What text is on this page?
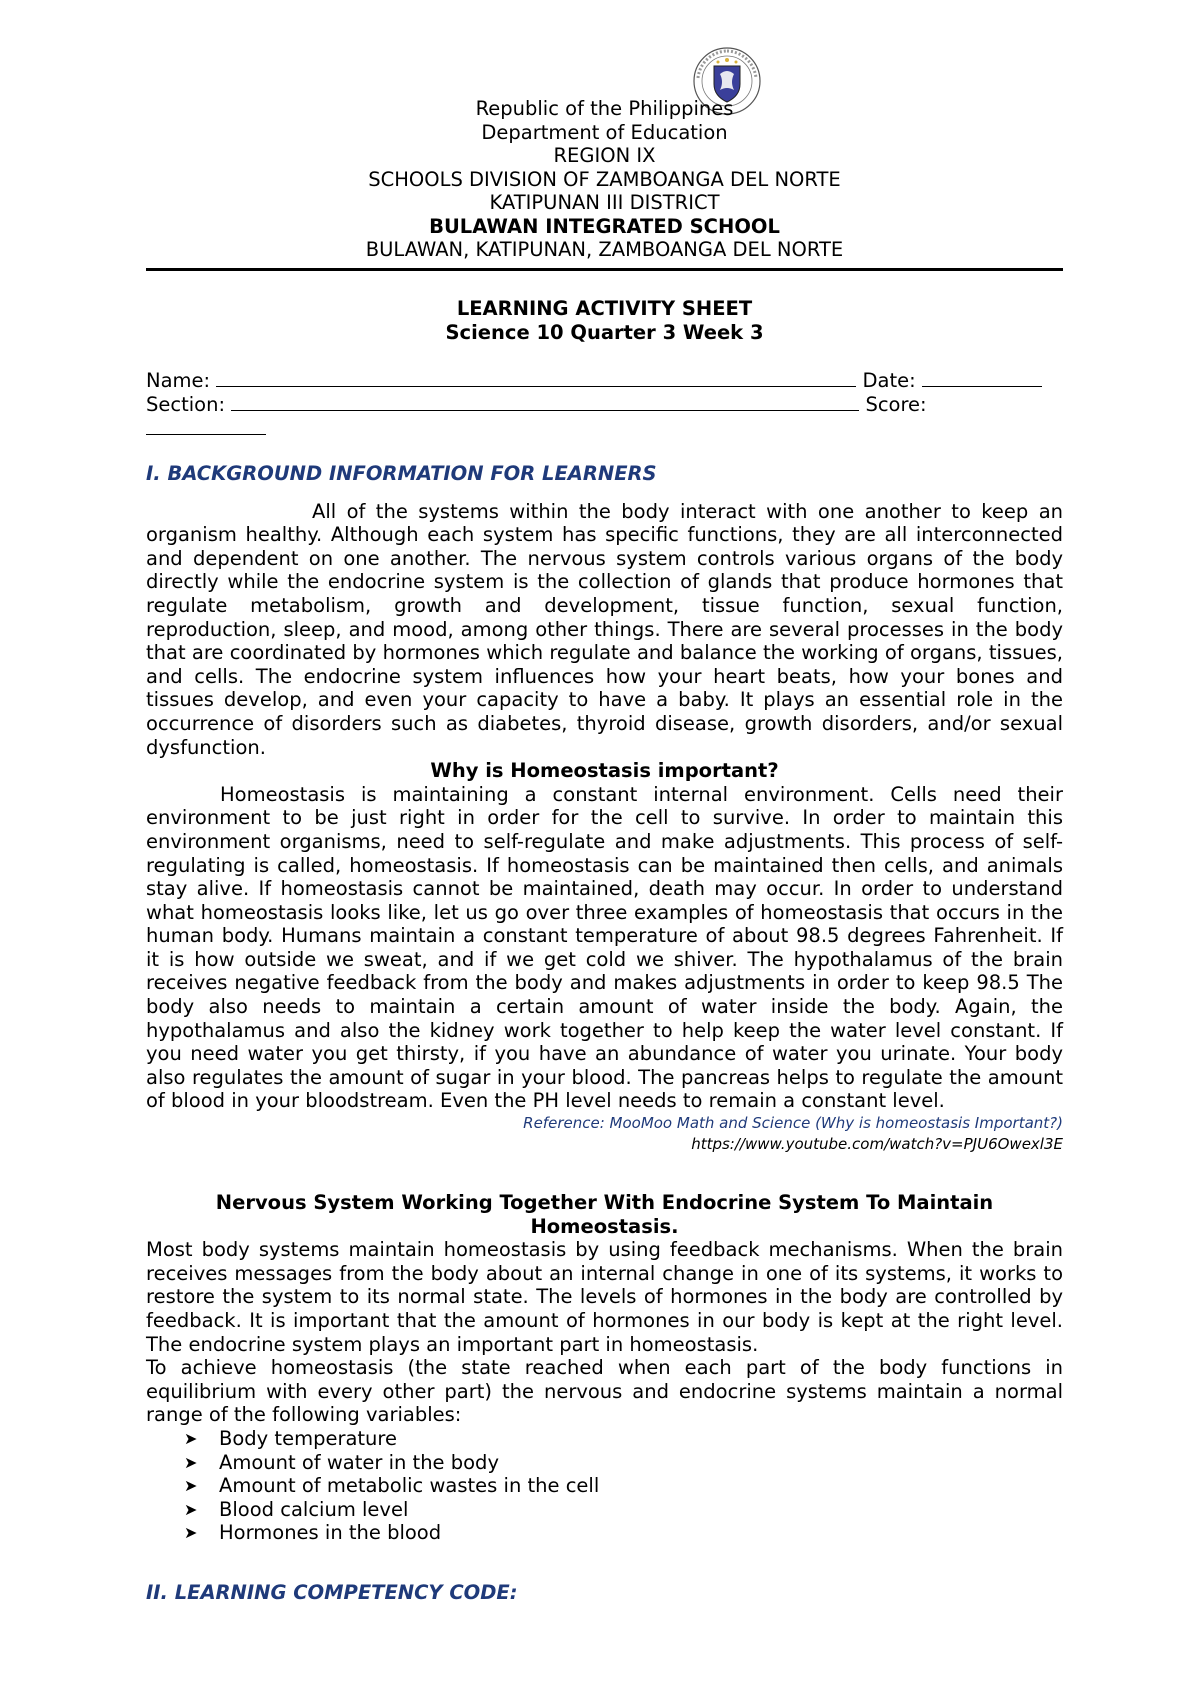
Republic of the Philippines
Department of Education
REGION IX
SCHOOLS DIVISION OF ZAMBOANGA DEL NORTE
KATIPUNAN III DISTRICT
BULAWAN INTEGRATED SCHOOL
BULAWAN, KATIPUNAN, ZAMBOANGA DEL NORTE
LEARNING ACTIVITY SHEET
Science 10 Quarter 3 Week 3
Name:	Date:
Section:	Score:

I. BACKGROUND INFORMATION FOR LEARNERS

All of the systems within the body interact with one another to keep an organism healthy. Although each system has specific functions, they are all interconnected and dependent on one another. The nervous system controls various organs of the body directly while the endocrine system is the collection of glands that produce hormones that regulate metabolism, growth and development, tissue function, sexual function, reproduction, sleep, and mood, among other things. There are several processes in the body that are coordinated by hormones which regulate and balance the working of organs, tissues, and cells. The endocrine system influences how your heart beats, how your bones and tissues develop, and even your capacity to have a baby. It plays an essential role in the occurrence of disorders such as diabetes, thyroid disease, growth disorders, and/or sexual dysfunction.

Why is Homeostasis important?

Homeostasis is maintaining a constant internal environment. Cells need their environment to be just right in order for the cell to survive. In order to maintain this environment organisms, need to self-regulate and make adjustments. This process of self-regulating is called, homeostasis. If homeostasis can be maintained then cells, and animals stay alive. If homeostasis cannot be maintained, death may occur. In order to understand what homeostasis looks like, let us go over three examples of homeostasis that occurs in the human body. Humans maintain a constant temperature of about 98.5 degrees Fahrenheit. If it is how outside we sweat, and if we get cold we shiver. The hypothalamus of the brain receives negative feedback from the body and makes adjustments in order to keep 98.5 The body also needs to maintain a certain amount of water inside the body. Again, the hypothalamus and also the kidney work together to help keep the water level constant. If you need water you get thirsty, if you have an abundance of water you urinate. Your body also regulates the amount of sugar in your blood. The pancreas helps to regulate the amount of blood in your bloodstream. Even the PH level needs to remain a constant level.

Reference: MooMoo Math and Science (Why is homeostasis Important?)

https://www.youtube.com/watch?v=PJU6Owexl3E

Nervous System Working Together With Endocrine System To Maintain Homeostasis.

Most body systems maintain homeostasis by using feedback mechanisms. When the brain receives messages from the body about an internal change in one of its systems, it works to restore the system to its normal state. The levels of hormones in the body are controlled by feedback. It is important that the amount of hormones in our body is kept at the right level. The endocrine system plays an important part in homeostasis.

To achieve homeostasis (the state reached when each part of the body functions in equilibrium with every other part) the nervous and endocrine systems maintain a normal range of the following variables:

➤ Body temperature
➤ Amount of water in the body
➤ Amount of metabolic wastes in the cell
➤ Blood calcium level
➤ Hormones in the blood

II. LEARNING COMPETENCY CODE:
